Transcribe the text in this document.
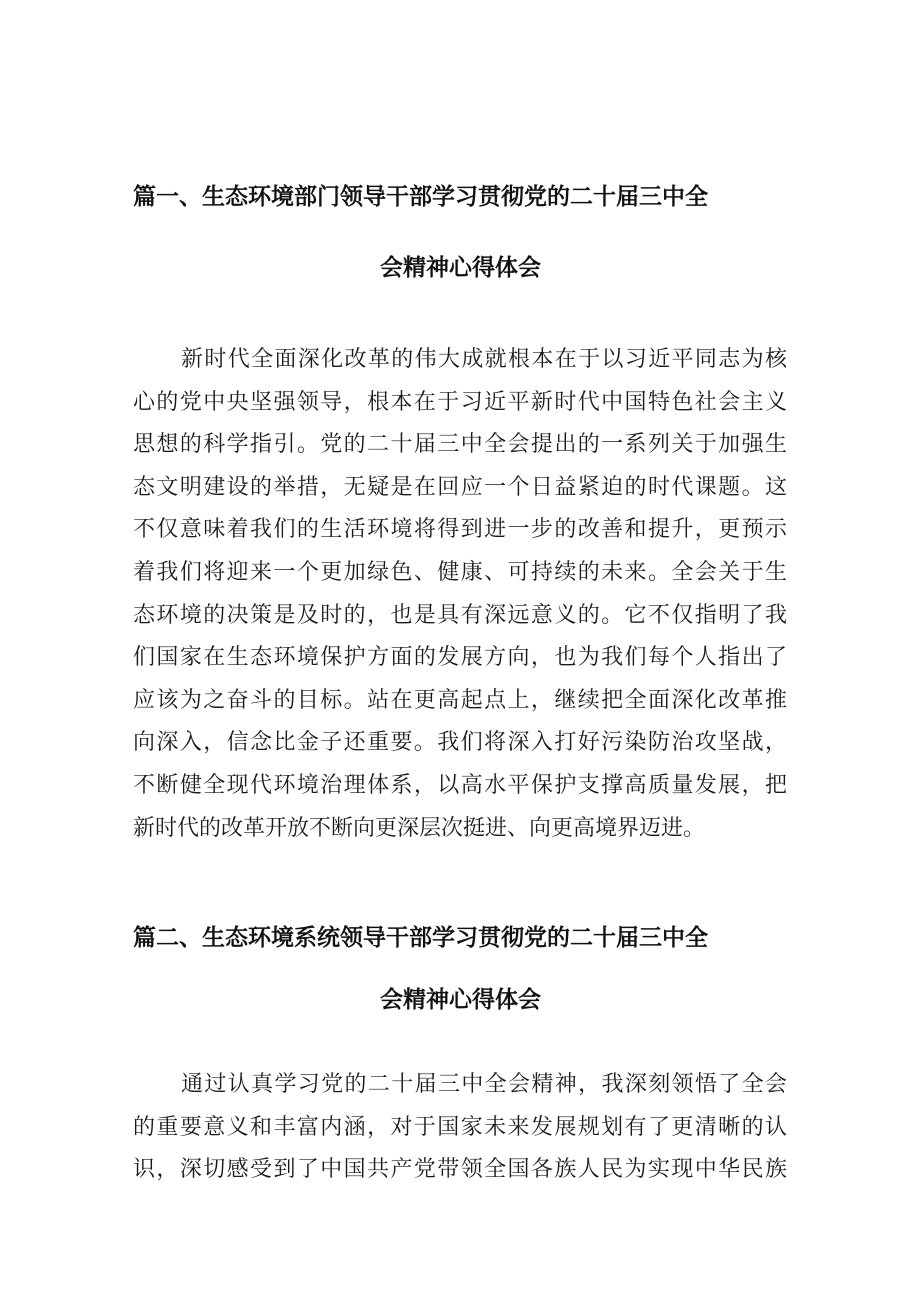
篇一、生态环境部门领导干部学习贯彻党的二十届三中全
会精神心得体会
新时代全面深化改革的伟大成就根本在于以习近平同志为核
心的党中央坚强领导，根本在于习近平新时代中国特色社会主义
思想的科学指引。党的二十届三中全会提出的一系列关于加强生
态文明建设的举措，无疑是在回应一个日益紧迫的时代课题。这
不仅意味着我们的生活环境将得到进一步的改善和提升，更预示
着我们将迎来一个更加绿色、健康、可持续的未来。全会关于生
态环境的决策是及时的，也是具有深远意义的。它不仅指明了我
们国家在生态环境保护方面的发展方向，也为我们每个人指出了
应该为之奋斗的目标。站在更高起点上，继续把全面深化改革推
向深入，信念比金子还重要。我们将深入打好污染防治攻坚战，
不断健全现代环境治理体系，以高水平保护支撑高质量发展，把
新时代的改革开放不断向更深层次挺进、向更高境界迈进。
篇二、生态环境系统领导干部学习贯彻党的二十届三中全
会精神心得体会
通过认真学习党的二十届三中全会精神，我深刻领悟了全会
的重要意义和丰富内涵，对于国家未来发展规划有了更清晰的认
识，深切感受到了中国共产党带领全国各族人民为实现中华民族
